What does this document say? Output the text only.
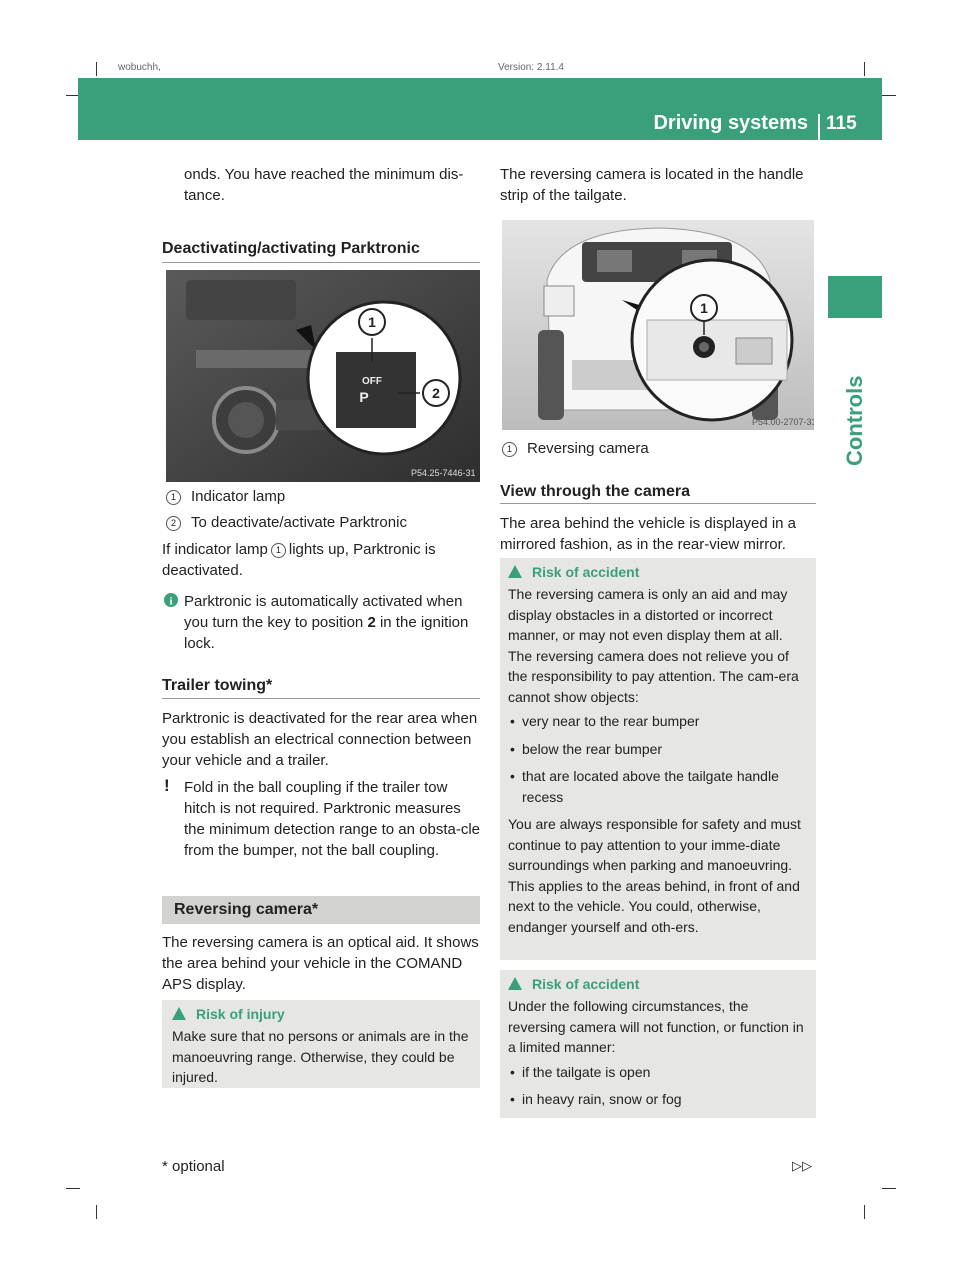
wobuchh,	Version: 2.11.4
Driving systems 115
Controls

onds. You have reached the minimum dis-tance.

Deactivating/activating Parktronic
1
2
OFF
P
P54.25-7446-31
1 Indicator lamp
2 To deactivate/activate Parktronic

If indicator lamp 1 lights up, Parktronic is deactivated.

i Parktronic is automatically activated when you turn the key to position 2 in the ignition lock.

Trailer towing*

Parktronic is deactivated for the rear area when you establish an electrical connection between your vehicle and a trailer.

! Fold in the ball coupling if the trailer tow hitch is not required. Parktronic measures the minimum detection range to an obsta-cle from the bumper, not the ball coupling.

Reversing camera*

The reversing camera is an optical aid. It shows the area behind your vehicle in the COMAND APS display.

Risk of injury

Make sure that no persons or animals are in the manoeuvring range. Otherwise, they could be injured.

The reversing camera is located in the handle strip of the tailgate.

1
P54.00-2707-31
1 Reversing camera
View through the camera

The area behind the vehicle is displayed in a mirrored fashion, as in the rear-view mirror.

Risk of accident

The reversing camera is only an aid and may display obstacles in a distorted or incorrect manner, or may not even display them at all. The reversing camera does not relieve you of the responsibility to pay attention. The cam-era cannot show objects:

• very near to the rear bumper
• below the rear bumper
• that are located above the tailgate handle recess

You are always responsible for safety and must continue to pay attention to your imme-diate surroundings when parking and manoeuvring. This applies to the areas behind, in front of and next to the vehicle. You could, otherwise, endanger yourself and oth-ers.

Risk of accident

Under the following circumstances, the reversing camera will not function, or function in a limited manner:

• if the tailgate is open
• in heavy rain, snow or fog
* optional	▷▷
